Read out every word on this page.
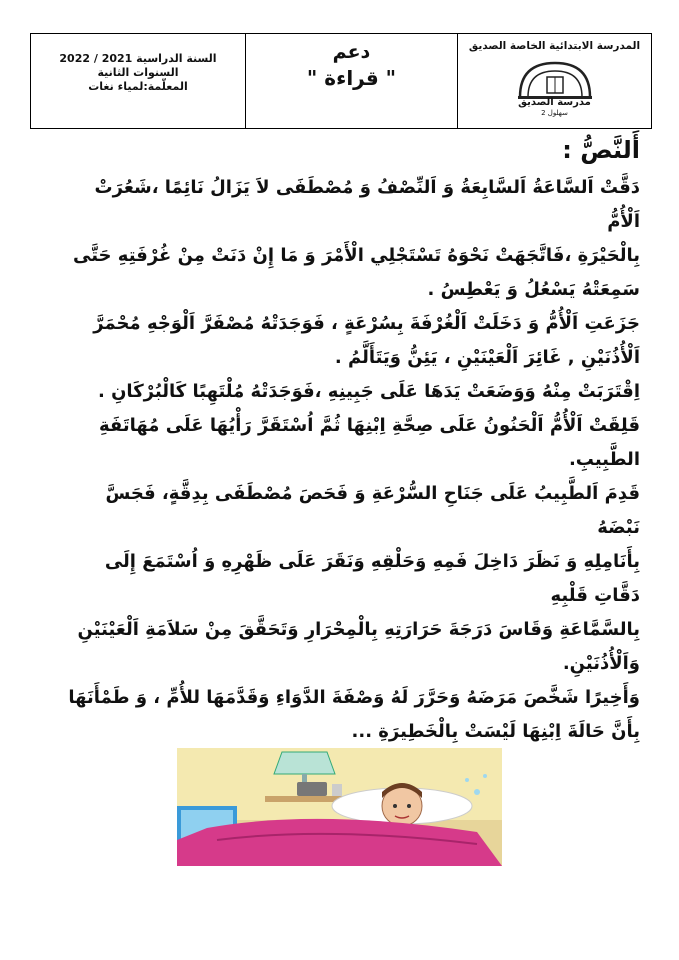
السنة الدراسية 2021 / 2022
السنوات الثانية
المعلّمة:لمياء نغات
دعم
" قراءة "
المدرسة الابتدائية الخاصة الصديق
مدرسة الصديق
سهلول 2
أَلنَّصُّ :

دَقَّتْ اَلسَّاعَةُ اَلسَّابِعَةُ وَ اَلنِّصْفُ وَ مُصْطَفَى لاَ يَزَالُ نَائِمًا ،شَعُرَتْ اَلْأُمُّ

بِالْحَيْرَةِ ،فَاتَّجَهَتْ نَحْوَهُ تَسْتَجْلِي الْأَمْرَ وَ مَا إِنْ دَنَتْ مِنْ غُرْفَتِهِ حَتَّى

سَمِعَتْهُ يَسْعُلُ وَ يَعْطِسُ .

جَزَعَتِ اَلْأُمُّ وَ دَخَلَتْ اَلْغُرْفَةَ بِسُرْعَةٍ ، فَوَجَدَتْهُ مُصْفَرَّ اَلْوَجْهِ مُحْمَرَّ

اَلْأُذُنَيْنِ , غَائِرَ اَلْعَيْنَيْنِ ، يَئِنُّ وَيَتَأَلَّمُ .

اِقْتَرَبَتْ مِنْهُ وَوَضَعَتْ يَدَهَا عَلَى جَبِينِهِ ،فَوَجَدَتْهُ مُلْتَهِبًا كَالْبُرْكَانِ .

قَلِقَتْ اَلْأُمُّ اَلْحَنُونُ عَلَى صِحَّةِ اِبْنِهَا ثُمَّ اُسْتَقَرَّ رَأْيُهَا عَلَى مُهَاتَفَةِ الطَّبِيبِ.

قَدِمَ اَلطَّبِيبُ عَلَى جَنَاحِ السُّرْعَةِ وَ فَحَصَ مُصْطَفَى بِدِقَّةٍ، فَجَسَّ نَبْضَهُ

بِأَنَامِلِهِ وَ نَظَرَ دَاخِلَ فَمِهِ وَحَلْقِهِ وَنَقَرَ عَلَى ظَهْرِهِ وَ اُسْتَمَعَ إِلَى دَقَّاتِ قَلْبِهِ

بِالسَّمَّاعَةِ وَقَاسَ دَرَجَةَ حَرَارَتِهِ بِالْمِحْرَارِ وَتَحَقَّقَ مِنْ سَلاَمَةِ اَلْعَيْنَيْنِ

وَاَلْأُذُنَيْنِ.

وَأَخِيرًا شَخَّصَ مَرَضَهُ وَحَرَّرَ لَهُ وَصْفَةَ الدَّوَاءِ وَقَدَّمَهَا للأُمِّ ، وَ طَمْأَنَهَا

بِأَنَّ حَالَةَ اِبْنِهَا لَيْسَتْ بِالْخَطِيرَةِ ...
